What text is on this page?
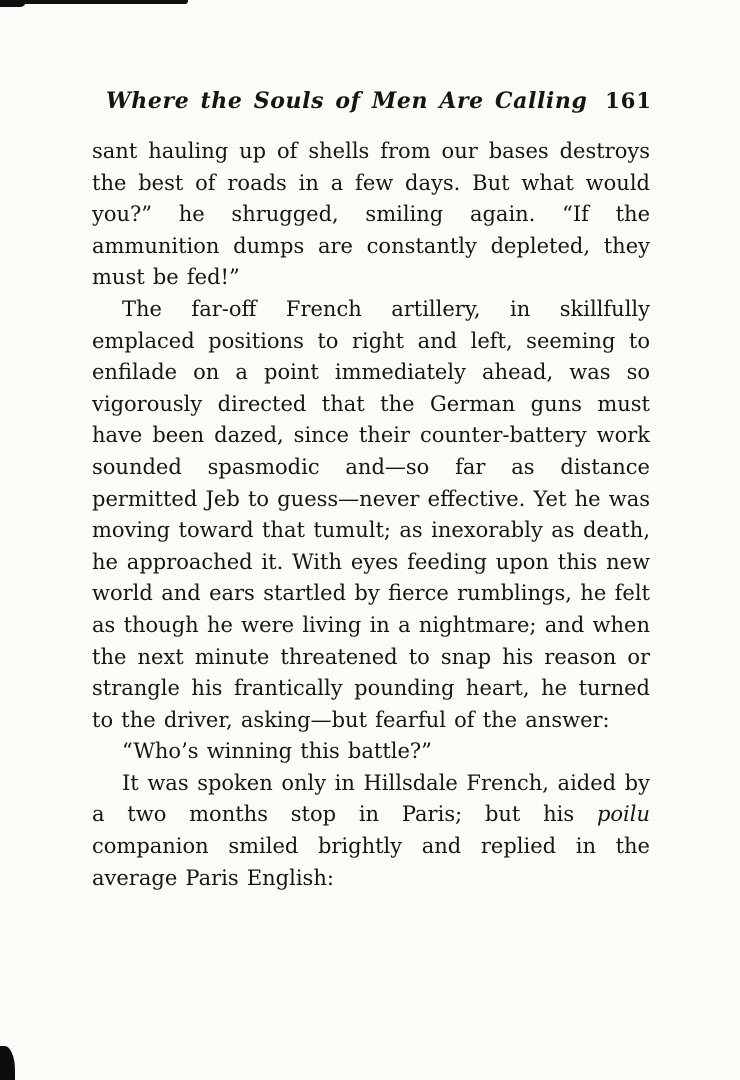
Where the Souls of Men Are Calling 161

sant hauling up of shells from our bases destroys the best of roads in a few days. But what would you?” he shrugged, smiling again. “If the ammunition dumps are constantly depleted, they must be fed!”

The far-off French artillery, in skillfully emplaced positions to right and left, seeming to enfilade on a point immediately ahead, was so vigorously directed that the German guns must have been dazed, since their counter-battery work sounded spasmodic and—so far as distance permitted Jeb to guess—never effective. Yet he was moving toward that tumult; as inexorably as death, he approached it. With eyes feeding upon this new world and ears startled by fierce rumblings, he felt as though he were living in a nightmare; and when the next minute threatened to snap his reason or strangle his frantically pounding heart, he turned to the driver, asking—but fearful of the answer:

“Who’s winning this battle?”

It was spoken only in Hillsdale French, aided by a two months stop in Paris; but his poilu companion smiled brightly and replied in the average Paris English:
